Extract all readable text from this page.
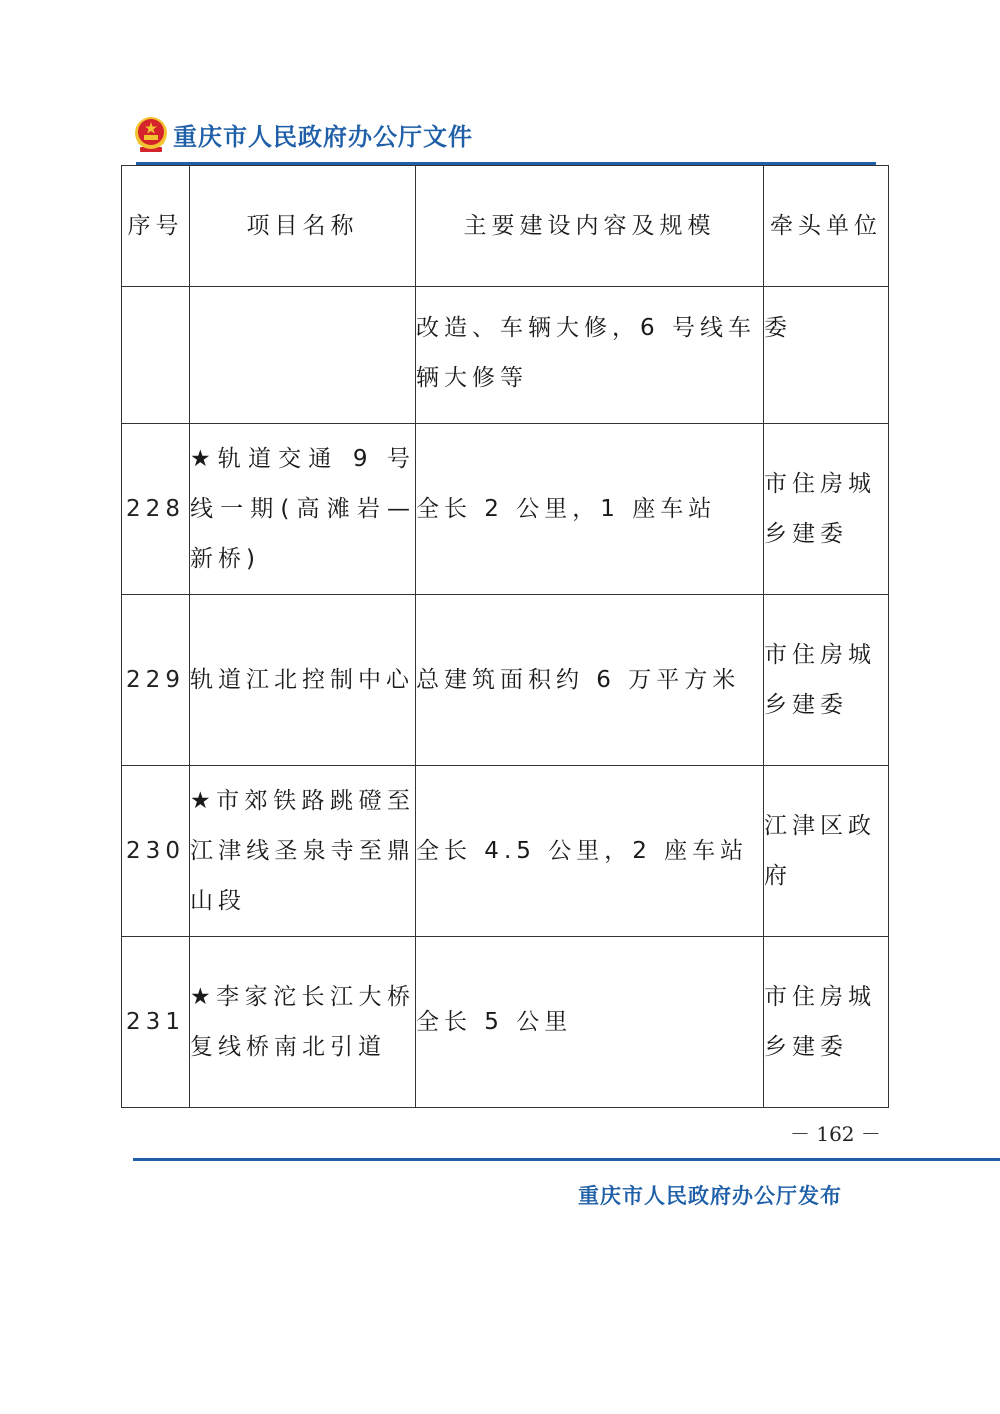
重庆市人民政府办公厅文件
序号	项目名称	主要建设内容及规模	牵头单位
		改造、车辆大修，6 号线车辆大修等	委
228	★轨道交通 9 号线一期(高滩岩—新桥)	全长 2 公里，1 座车站	市住房城乡建委
229	轨道江北控制中心	总建筑面积约 6 万平方米	市住房城乡建委
230	★市郊铁路跳磴至江津线圣泉寺至鼎山段	全长 4.5 公里，2 座车站	江津区政府
231	★李家沱长江大桥复线桥南北引道	全长 5 公里	市住房城乡建委
－ 162 －
重庆市人民政府办公厅发布
